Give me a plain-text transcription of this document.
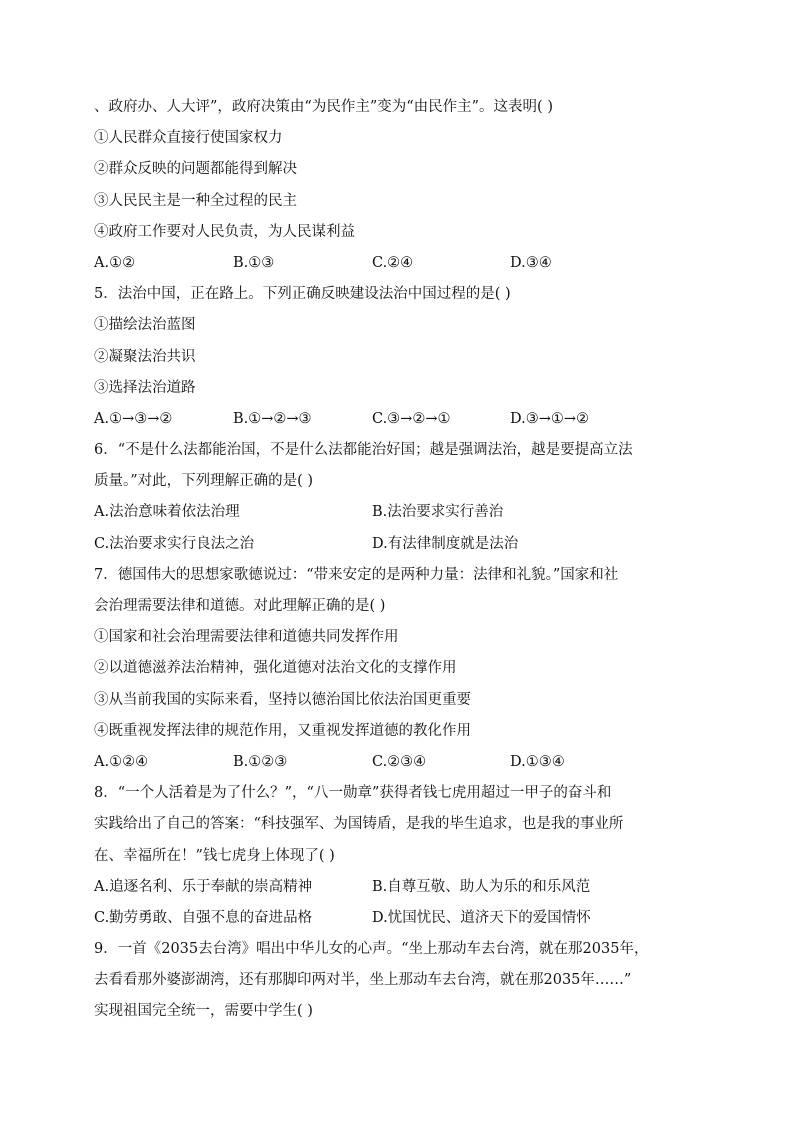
、政府办、人大评”，政府决策由“为民作主”变为“由民作主”。这表明( )
①人民群众直接行使国家权力
②群众反映的问题都能得到解决
③人民民主是一种全过程的民主
④政府工作要对人民负责，为人民谋利益
A.①②	B.①③	C.②④	D.③④
5．法治中国，正在路上。下列正确反映建设法治中国过程的是( )
①描绘法治蓝图
②凝聚法治共识
③选择法治道路
A.①→③→②	B.①→②→③	C.③→②→①	D.③→①→②
6．“不是什么法都能治国，不是什么法都能治好国；越是强调法治，越是要提高立法
质量。”对此，下列理解正确的是( )
A.法治意味着依法治理	B.法治要求实行善治
C.法治要求实行良法之治	D.有法律制度就是法治
7．德国伟大的思想家歌德说过：“带来安定的是两种力量：法律和礼貌。”国家和社
会治理需要法律和道德。对此理解正确的是( )
①国家和社会治理需要法律和道德共同发挥作用
②以道德滋养法治精神，强化道德对法治文化的支撑作用
③从当前我国的实际来看，坚持以德治国比依法治国更重要
④既重视发挥法律的规范作用，又重视发挥道德的教化作用
A.①②④	B.①②③	C.②③④	D.①③④
8．“一个人活着是为了什么？”，“八一勋章”获得者钱七虎用超过一甲子的奋斗和
实践给出了自己的答案：“科技强军、为国铸盾，是我的毕生追求，也是我的事业所
在、幸福所在！”钱七虎身上体现了( )
A.追逐名利、乐于奉献的崇高精神	B.自尊互敬、助人为乐的和乐风范
C.勤劳勇敢、自强不息的奋进品格	D.忧国忧民、道济天下的爱国情怀
9．一首《2035去台湾》唱出中华儿女的心声。“坐上那动车去台湾，就在那2035年，
去看看那外婆澎湖湾，还有那脚印两对半，坐上那动车去台湾，就在那2035年……”
实现祖国完全统一，需要中学生( )
